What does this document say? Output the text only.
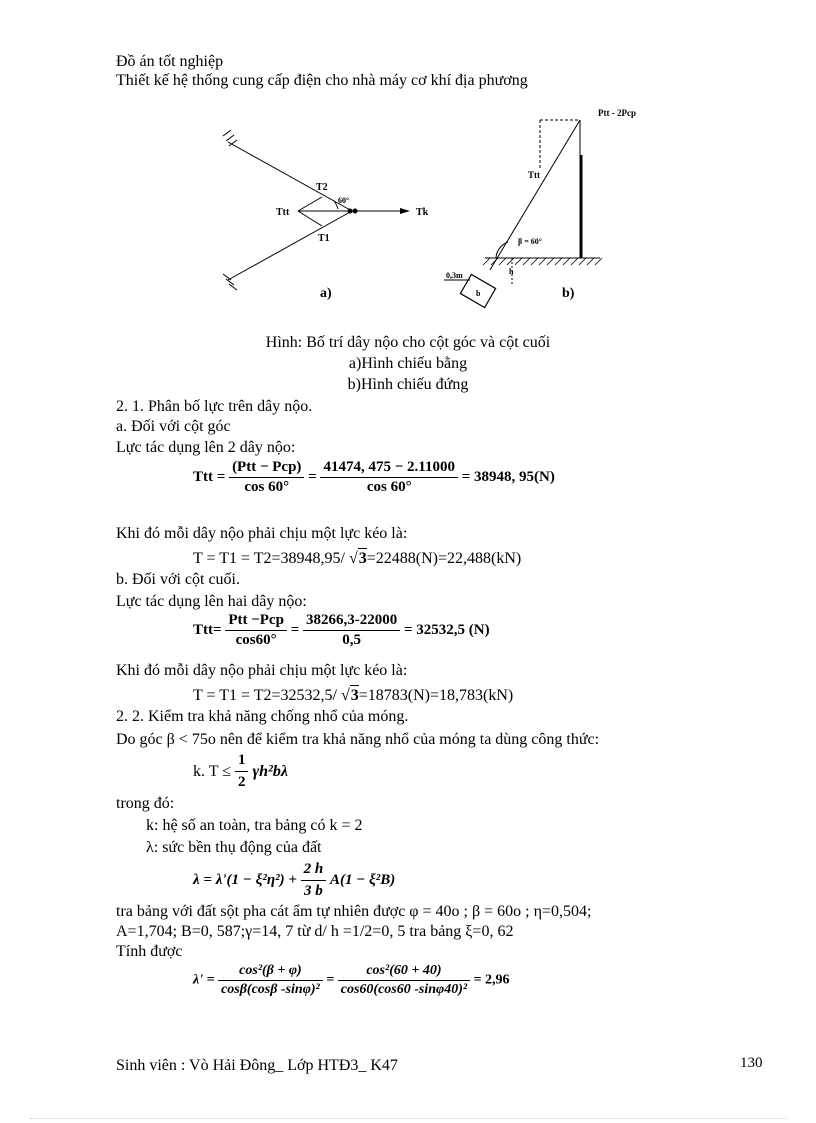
Đồ án tốt nghiệp
Thiết kế hệ thống cung cấp điện cho nhà máy cơ khí địa phương
T2
60°
Ttt	Tk
T1
a)
Ptt - 2Pcp
Ttt
β = 60°
h
0,3m
b	b)
Hình: Bố trí dây nộo cho cột góc và cột cuối
a)Hình chiếu bằng
b)Hình chiếu đứng
2. 1. Phân bố lực trên dây nộo.
a. Đối với cột góc
Lực tác dụng lên 2 dây nộo:
Ttt = $\frac{\text{(Ptt − Pcp)}}{\cos 60^\circ} = \frac{41474, 475 - 2.11000}{\cos 60^\circ} = 38948$, 95(N)
Khi đó mỗi dây nộo phải chịu một lực kéo là:
T = T1 = T2=38948,95/ √3=22488(N)=22,488(kN)
b. Đối với cột cuối.
Lực tác dụng lên hai dây nộo:
$Ttt= \frac{\text{Ptt −Pcp}}{\cos 60^\circ} = \frac{38266,3-22000}{0,5} = 32532,5$ (N)
Khi đó mỗi dây nộo phải chịu một lực kéo là:
T = T1 = T2=32532,5/ √3=18783(N)=18,783(kN)
2. 2. Kiểm tra khả năng chống nhổ của móng.
Do góc β < 75o nên để kiểm tra khả năng nhổ của móng ta dùng công thức:
k. $T \le \frac{1}{2} \gamma h^2b\lambda$
trong đó:
k: hệ số an toàn, tra bảng có k = 2
λ: sức bền thụ động của đất
$\lambda = \lambda'(1 - \xi^2\eta^2) + \frac{2 h}{3 b} A(1 - \xi^2B)$
tra bảng với đất sột pha cát ẩm tự nhiên được φ = 40o ; β = 60o ; η=0,504;
A=1,704; B=0, 587;γ=14, 7 từ d/ h =1/2=0, 5 tra bảng ξ=0, 62
Tính được
$\lambda' = \frac{\text{cos²(β + φ)}}{\text{cosβ(cosβ -sinφ)²}} = \frac{\text{cos²(60 + 40)}}{\text{cos60(cos60 -sinφ40)²}} = 2,96$
Sinh viên : Vò Hải Đông_ Lớp HTĐ3_ K47	130
